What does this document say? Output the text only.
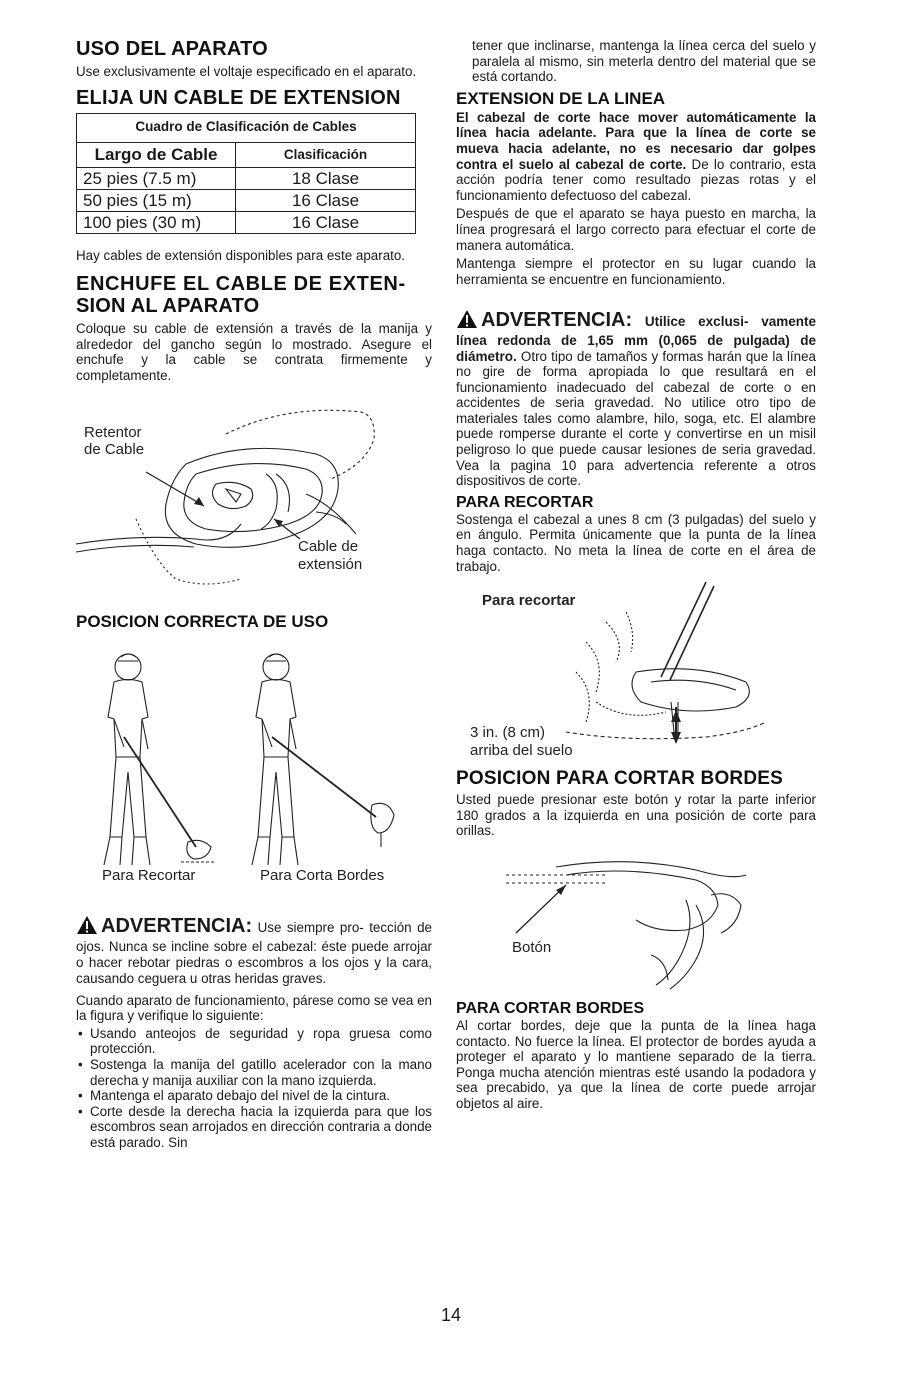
USO DEL APARATO

Use exclusivamente el voltaje especificado en el aparato.

ELIJA UN CABLE DE EXTENSION
Cuadro de Clasificación de Cables	
Largo de Cable	Clasificación
25 pies (7.5 m)	18 Clase
50 pies (15 m)	16 Clase
100 pies (30 m)	16 Clase

Hay cables de extensión disponibles para este aparato.

ENCHUFE EL CABLE DE EXTEN-
SION AL APARATO

Coloque su cable de extensión a través de la manija y alrededor del gancho según lo mostrado. Asegure el enchufe y la cable se contrata firmemente y completamente.

Retentor
de Cable
Cable de
extensión
POSICION CORRECTA DE USO
Para Recortar	Para Corta Bordes

ADVERTENCIA: Use siempre pro- tección de ojos. Nunca se incline sobre el cabezal: éste puede arrojar o hacer rebotar piedras o escombros a los ojos y la cara, causando ceguera u otras heridas graves.

Cuando aparato de funcionamiento, párese como se vea en la figura y verifique lo siguiente:

• Usando anteojos de seguridad y ropa gruesa como protección.
• Sostenga la manija del gatillo acelerador con la mano derecha y manija auxiliar con la mano izquierda.
• Mantenga el aparato debajo del nivel de la cintura.
• Corte desde la derecha hacia la izquierda para que los escombros sean arrojados en dirección contraria a donde está parado. Sin

tener que inclinarse, mantenga la línea cerca del suelo y paralela al mismo, sin meterla dentro del material que se está cortando.

EXTENSION DE LA LINEA

El cabezal de corte hace mover automáticamente la línea hacia adelante. Para que la línea de corte se mueva hacia adelante, no es necesario dar golpes contra el suelo al cabezal de corte. De lo contrario, esta acción podría tener como resultado piezas rotas y el funcionamiento defectuoso del cabezal.

Después de que el aparato se haya puesto en marcha, la línea progresará el largo correcto para efectuar el corte de manera automática.

Mantenga siempre el protector en su lugar cuando la herramienta se encuentre en funcionamiento.

ADVERTENCIA: Utilice exclusi- vamente línea redonda de 1,65 mm (0,065 de pulgada) de diámetro. Otro tipo de tamaños y formas harán que la línea no gire de forma apropiada lo que resultará en el funcionamiento inadecuado del cabezal de corte o en accidentes de seria gravedad. No utilice otro tipo de materiales tales como alambre, hilo, soga, etc. El alambre puede romperse durante el corte y convertirse en un misil peligroso lo que puede causar lesiones de seria gravedad. Vea la pagina 10 para advertencia referente a otros dispositivos de corte.

PARA RECORTAR

Sostenga el cabezal a unes 8 cm (3 pulgadas) del suelo y en ángulo. Permita únicamente que la punta de la línea haga contacto. No meta la línea de corte en el área de trabajo.

Para recortar
3 in. (8 cm)
arriba del suelo
POSICION PARA CORTAR BORDES

Usted puede presionar este botón y rotar la parte inferior 180 grados a la izquierda en una posición de corte para orillas.

Botón
PARA CORTAR BORDES

Al cortar bordes, deje que la punta de la línea haga contacto. No fuerce la línea. El protector de bordes ayuda a proteger el aparato y lo mantiene separado de la tierra. Ponga mucha atención mientras esté usando la podadora y sea precabido, ya que la línea de corte puede arrojar objetos al aire.

14
